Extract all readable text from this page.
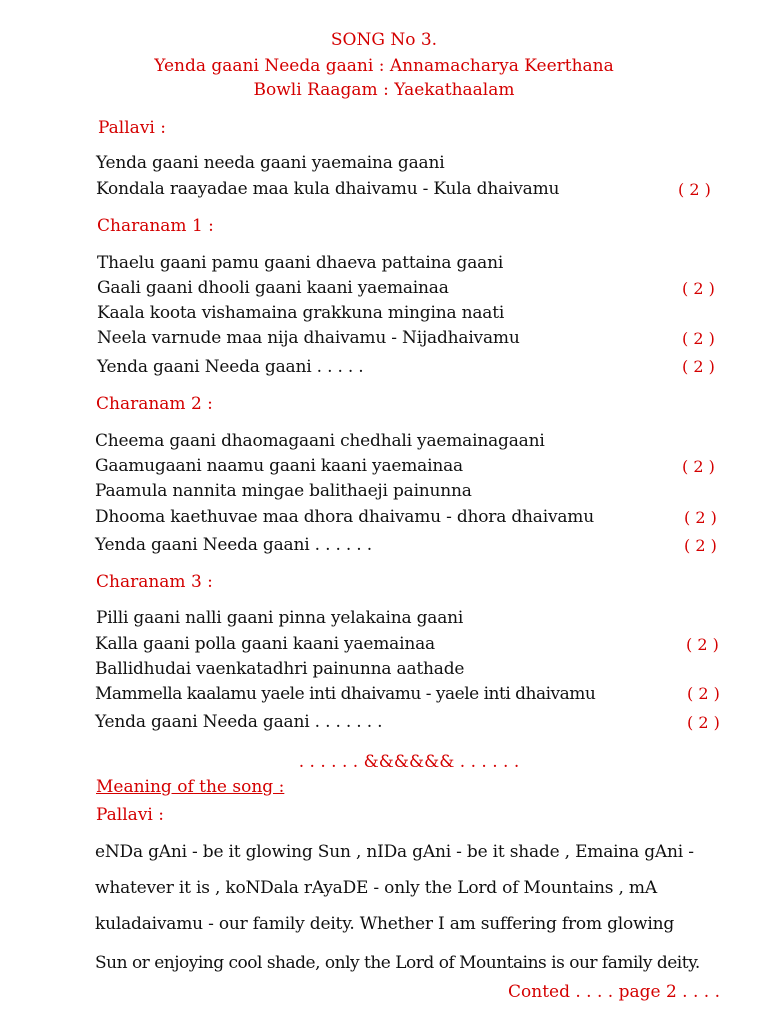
SONG No 3.
Yenda gaani Needa gaani : Annamacharya Keerthana
Bowli Raagam : Yaekathaalam
Pallavi :
Yenda gaani needa gaani yaemaina gaani
Kondala raayadae maa kula dhaivamu - Kula dhaivamu	( 2 )
Charanam 1 :
Thaelu gaani pamu gaani dhaeva pattaina gaani
Gaali gaani dhooli gaani kaani yaemainaa	( 2 )
Kaala koota vishamaina grakkuna mingina naati
Neela varnude maa nija dhaivamu - Nijadhaivamu	( 2 )
Yenda gaani Needa gaani . . . . .	( 2 )
Charanam 2 :
Cheema gaani dhaomagaani chedhali yaemainagaani
Gaamugaani naamu gaani kaani yaemainaa	( 2 )
Paamula nannita mingae balithaeji painunna
Dhooma kaethuvae maa dhora dhaivamu - dhora dhaivamu	( 2 )
Yenda gaani Needa gaani . . . . . .	( 2 )
Charanam 3 :
Pilli gaani nalli gaani pinna yelakaina gaani
Kalla gaani polla gaani kaani yaemainaa	( 2 )
Ballidhudai vaenkatadhri painunna aathade
Mammella kaalamu yaele inti dhaivamu - yaele inti dhaivamu	( 2 )
Yenda gaani Needa gaani . . . . . . .	( 2 )
. . . . . . &&&&&& . . . . . .
Meaning of the song :
Pallavi :
eNDa gAni - be it glowing Sun , nIDa gAni - be it shade , Emaina gAni -
whatever it is , koNDala rAyaDE - only the Lord of Mountains , mA
kuladaivamu - our family deity. Whether I am suffering from glowing
Sun or enjoying cool shade, only the Lord of Mountains is our family deity.
Conted . . . . page 2 . . . .
